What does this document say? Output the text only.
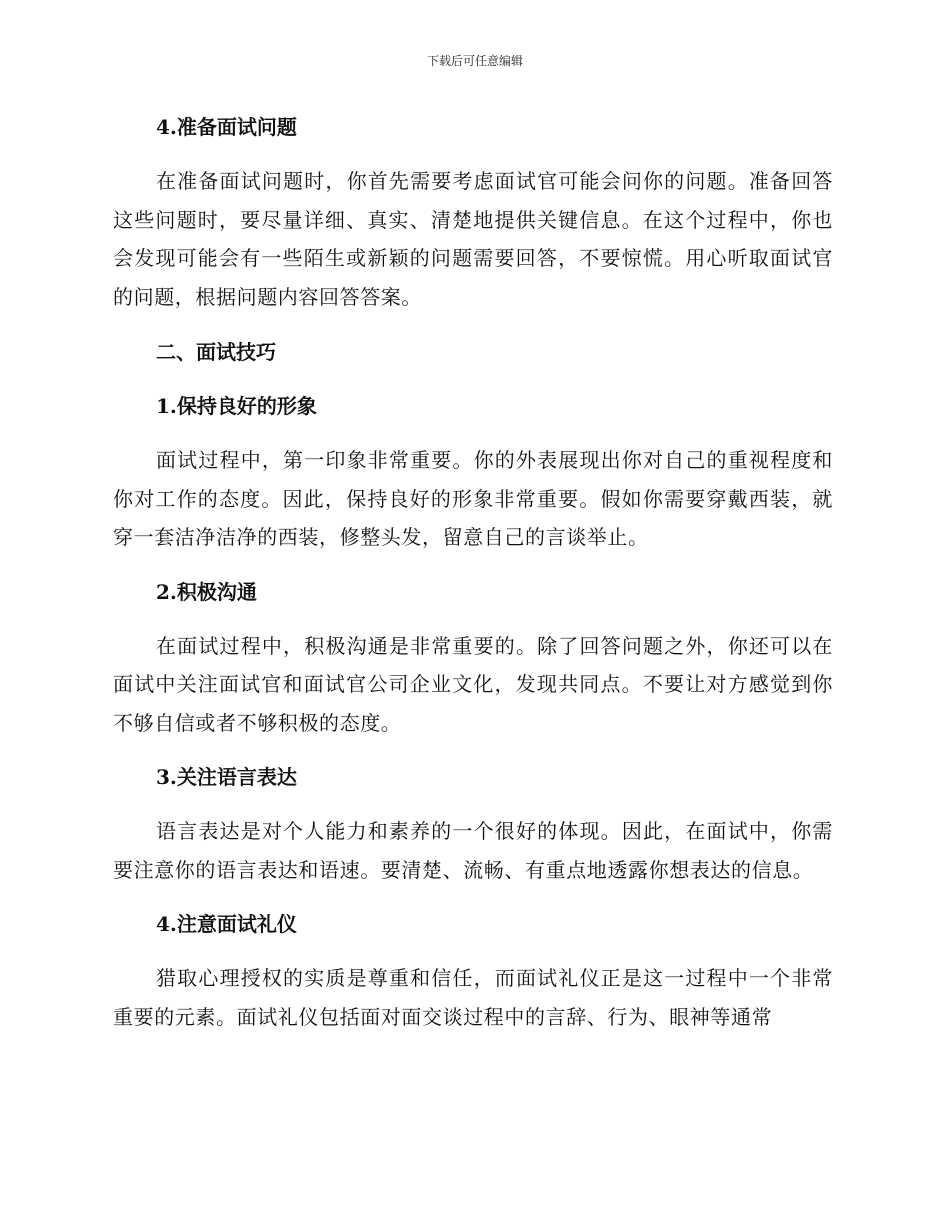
下载后可任意编辑
4.准备面试问题

在准备面试问题时，你首先需要考虑面试官可能会问你的问题。准备回答这些问题时，要尽量详细、真实、清楚地提供关键信息。在这个过程中，你也会发现可能会有一些陌生或新颖的问题需要回答，不要惊慌。用心听取面试官的问题，根据问题内容回答答案。

二、面试技巧
1.保持良好的形象

面试过程中，第一印象非常重要。你的外表展现出你对自己的重视程度和你对工作的态度。因此，保持良好的形象非常重要。假如你需要穿戴西装，就穿一套洁净洁净的西装，修整头发，留意自己的言谈举止。

2.积极沟通

在面试过程中，积极沟通是非常重要的。除了回答问题之外，你还可以在面试中关注面试官和面试官公司企业文化，发现共同点。不要让对方感觉到你不够自信或者不够积极的态度。

3.关注语言表达

语言表达是对个人能力和素养的一个很好的体现。因此，在面试中，你需要注意你的语言表达和语速。要清楚、流畅、有重点地透露你想表达的信息。

4.注意面试礼仪

猎取心理授权的实质是尊重和信任，而面试礼仪正是这一过程中一个非常重要的元素。面试礼仪包括面对面交谈过程中的言辞、行为、眼神等通常
